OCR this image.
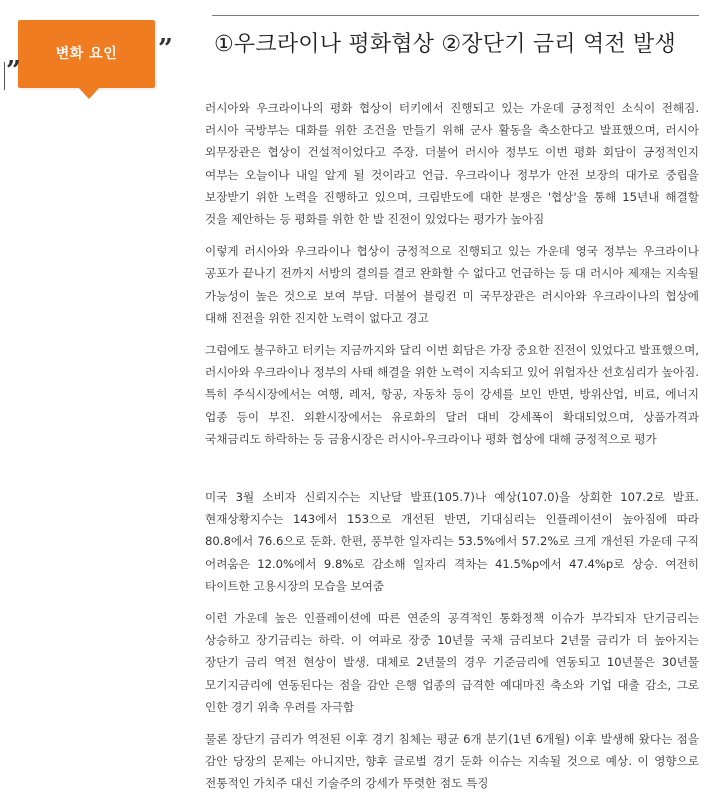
변화 요인	”
”
①우크라이나 평화협상 ②장단기 금리 역전 발생

러시아와 우크라이나의 평화 협상이 터키에서 진행되고 있는 가운데 긍정적인 소식이 전해짐. 러시아 국방부는 대화를 위한 조건을 만들기 위해 군사 활동을 축소한다고 발표했으며, 러시아 외무장관은 협상이 건설적이었다고 주장. 더불어 러시아 정부도 이번 평화 회담이 긍정적인지 여부는 오늘이나 내일 알게 될 것이라고 언급. 우크라이나 정부가 안전 보장의 대가로 중립을 보장받기 위한 노력을 진행하고 있으며, 크림반도에 대한 분쟁은 '협상'을 통해 15년내 해결할 것을 제안하는 등 평화를 위한 한 발 진전이 있었다는 평가가 높아짐

이렇게 러시아와 우크라이나 협상이 긍정적으로 진행되고 있는 가운데 영국 정부는 우크라이나 공포가 끝나기 전까지 서방의 결의를 결코 완화할 수 없다고 언급하는 등 대 러시아 제재는 지속될 가능성이 높은 것으로 보여 부담. 더불어 블링컨 미 국무장관은 러시아와 우크라이나의 협상에 대해 진전을 위한 진지한 노력이 없다고 경고

그럼에도 불구하고 터키는 지금까지와 달리 이번 회담은 가장 중요한 진전이 있었다고 발표했으며, 러시아와 우크라이나 정부의 사태 해결을 위한 노력이 지속되고 있어 위험자산 선호심리가 높아짐. 특히 주식시장에서는 여행, 레저, 항공, 자동차 등이 강세를 보인 반면, 방위산업, 비료, 에너지 업종 등이 부진. 외환시장에서는 유로화의 달러 대비 강세폭이 확대되었으며, 상품가격과 국채금리도 하락하는 등 금융시장은 러시아-우크라이나 평화 협상에 대해 긍정적으로 평가

미국 3월 소비자 신뢰지수는 지난달 발표(105.7)나 예상(107.0)을 상회한 107.2로 발표. 현재상황지수는 143에서 153으로 개선된 반면, 기대심리는 인플레이션이 높아짐에 따라 80.8에서 76.6으로 둔화. 한편, 풍부한 일자리는 53.5%에서 57.2%로 크게 개선된 가운데 구직 어려움은 12.0%에서 9.8%로 감소해 일자리 격차는 41.5%p에서 47.4%p로 상승. 여전히 타이트한 고용시장의 모습을 보여줌

이런 가운데 높은 인플레이션에 따른 연준의 공격적인 통화정책 이슈가 부각되자 단기금리는 상승하고 장기금리는 하락. 이 여파로 장중 10년물 국채 금리보다 2년물 금리가 더 높아지는 장단기 금리 역전 현상이 발생. 대체로 2년물의 경우 기준금리에 연동되고 10년물은 30년물 모기지금리에 연동된다는 점을 감안 은행 업종의 급격한 예대마진 축소와 기업 대출 감소, 그로 인한 경기 위축 우려를 자극함

물론 장단기 금리가 역전된 이후 경기 침체는 평균 6개 분기(1년 6개월) 이후 발생해 왔다는 점을 감안 당장의 문제는 아니지만, 향후 글로벌 경기 둔화 이슈는 지속될 것으로 예상. 이 영향으로 전통적인 가치주 대신 기술주의 강세가 뚜렷한 점도 특징
